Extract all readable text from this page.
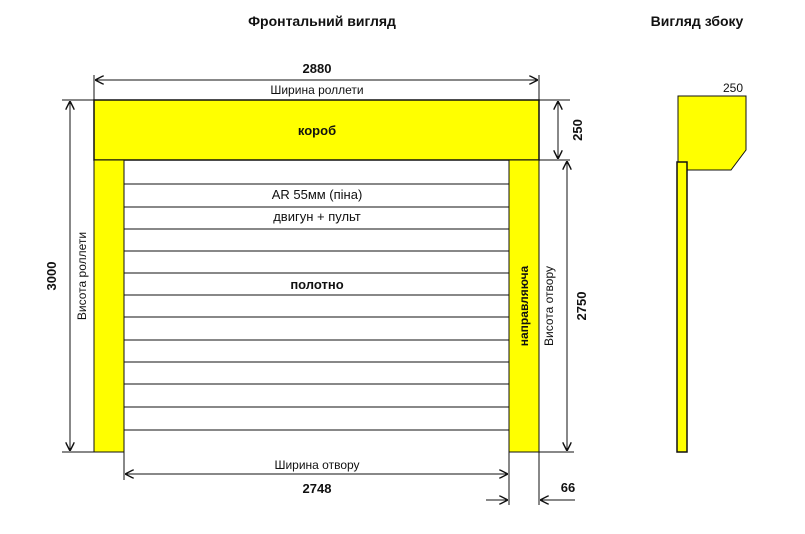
Фронтальний вигляд	Вигляд збоку
короб
AR 55мм (піна)
двигун + пульт
полотно	направляюча
2880
Ширина роллети
250
3000 Висота роллети	2750
Висота отвору
Ширина отвору
2748	66
250
